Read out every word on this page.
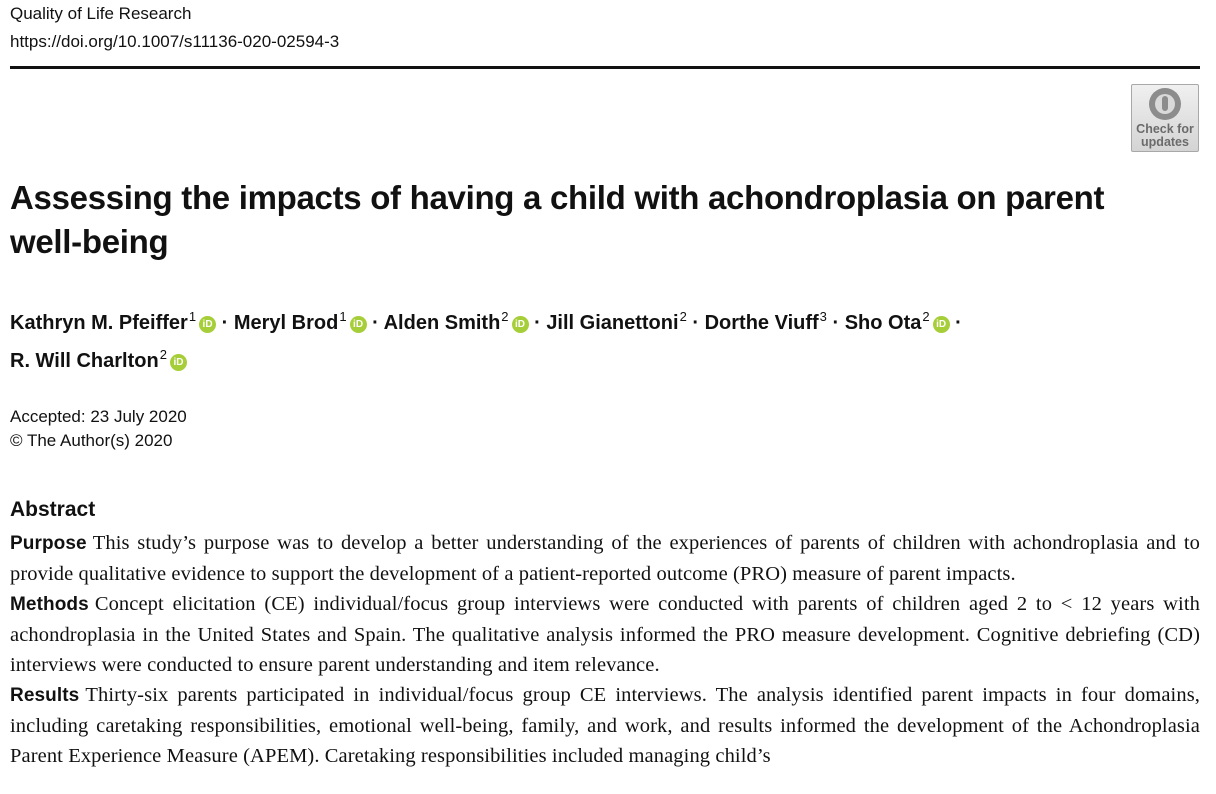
Quality of Life Research
https://doi.org/10.1007/s11136-020-02594-3
Check for
updates
Assessing the impacts of having a child with achondroplasia on parent well-being
Kathryn M. Pfeiffer$^1$iD · Meryl Brod$^1$iD · Alden Smith$^2$iD · Jill Gianettoni$^2$ · Dorthe Viuff$^3$ · Sho Ota$^2$iD ·
R. Will Charlton$^2$iD
Accepted: 23 July 2020
© The Author(s) 2020
Abstract

Purpose This study’s purpose was to develop a better understanding of the experiences of parents of children with achondroplasia and to provide qualitative evidence to support the development of a patient-reported outcome (PRO) measure of parent impacts.

Methods Concept elicitation (CE) individual/focus group interviews were conducted with parents of children aged 2 to < 12 years with achondroplasia in the United States and Spain. The qualitative analysis informed the PRO measure development. Cognitive debriefing (CD) interviews were conducted to ensure parent understanding and item relevance.

Results Thirty-six parents participated in individual/focus group CE interviews. The analysis identified parent impacts in four domains, including caretaking responsibilities, emotional well-being, family, and work, and results informed the development of the Achondroplasia Parent Experience Measure (APEM). Caretaking responsibilities included managing child’s
